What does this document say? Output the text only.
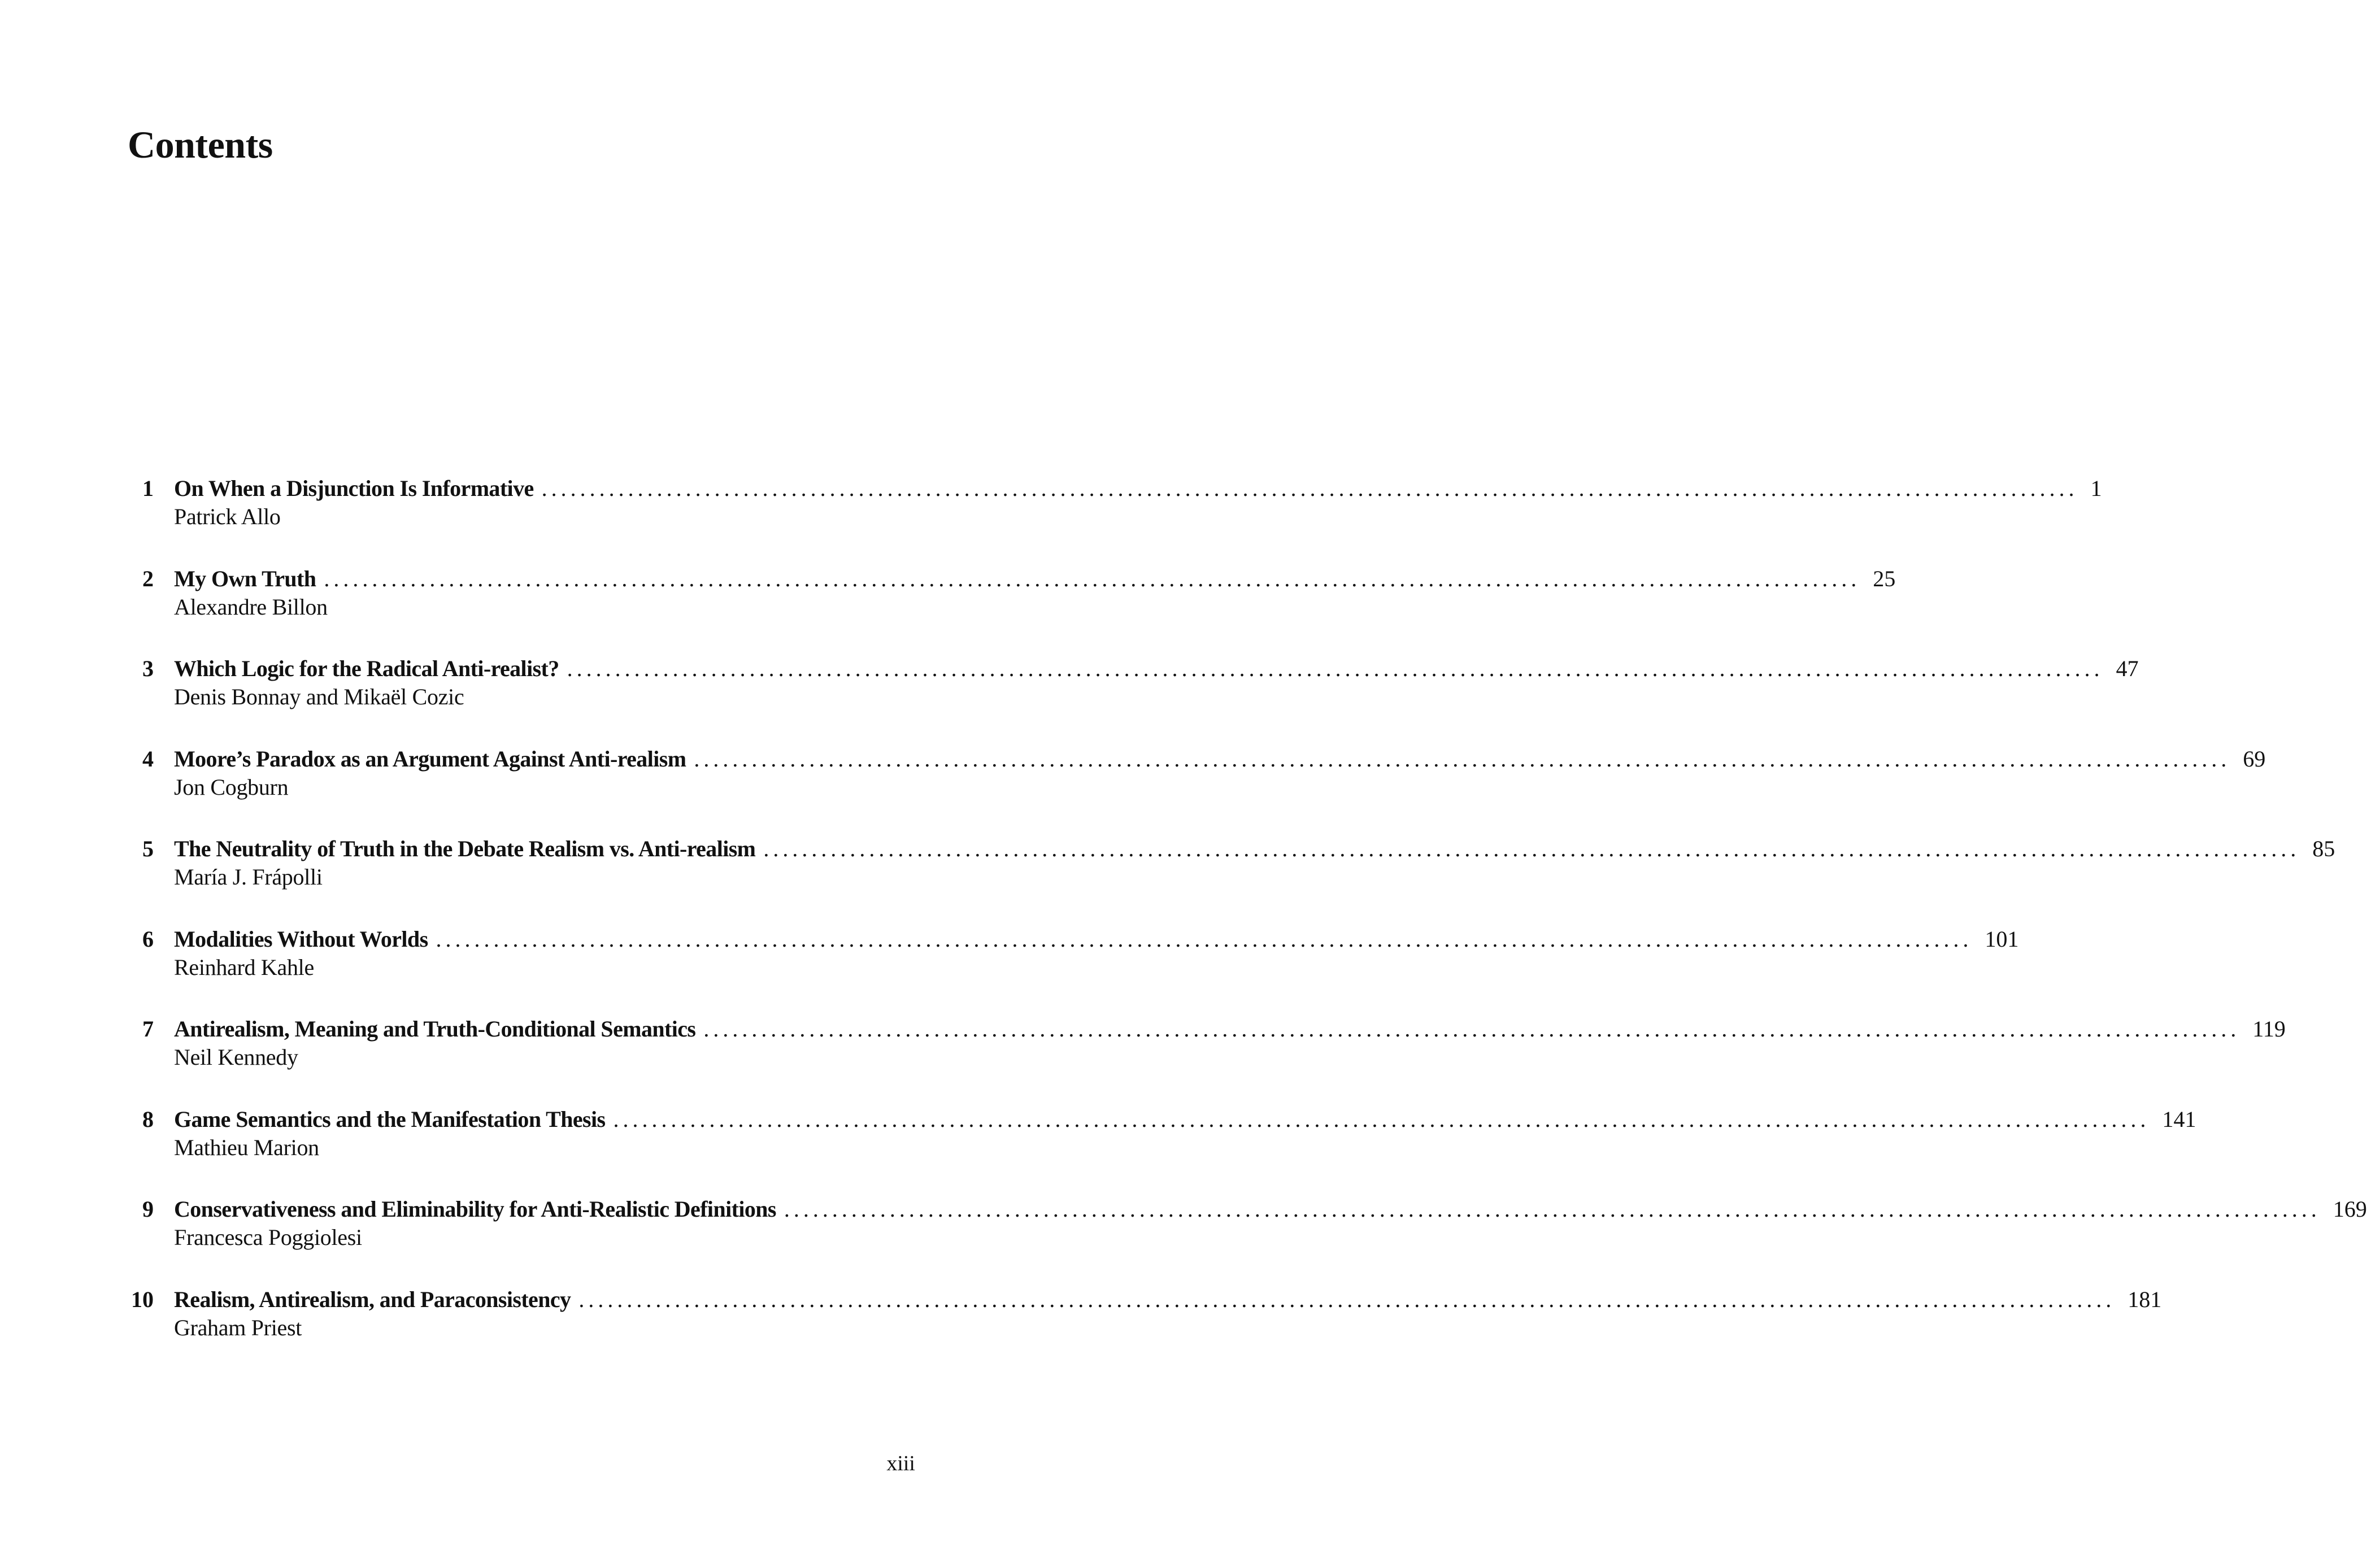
Contents
1 On When a Disjunction Is Informative ................................................................................................................................................................ 1
Patrick Allo
2 My Own Truth ................................................................................................................................................................ 25
Alexandre Billon
3 Which Logic for the Radical Anti-realist? ................................................................................................................................................................ 47
Denis Bonnay and Mikaël Cozic
4 Moore’s Paradox as an Argument Against Anti-realism ................................................................................................................................................................ 69
Jon Cogburn
5 The Neutrality of Truth in the Debate Realism vs. Anti-realism ................................................................................................................................................................ 85
María J. Frápolli
6 Modalities Without Worlds ................................................................................................................................................................ 101
Reinhard Kahle
7 Antirealism, Meaning and Truth-Conditional Semantics ................................................................................................................................................................ 119
Neil Kennedy
8 Game Semantics and the Manifestation Thesis ................................................................................................................................................................ 141
Mathieu Marion
9 Conservativeness and Eliminability for Anti-Realistic Definitions ................................................................................................................................................................ 169
Francesca Poggiolesi
10 Realism, Antirealism, and Paraconsistency ................................................................................................................................................................ 181
Graham Priest
xiii
